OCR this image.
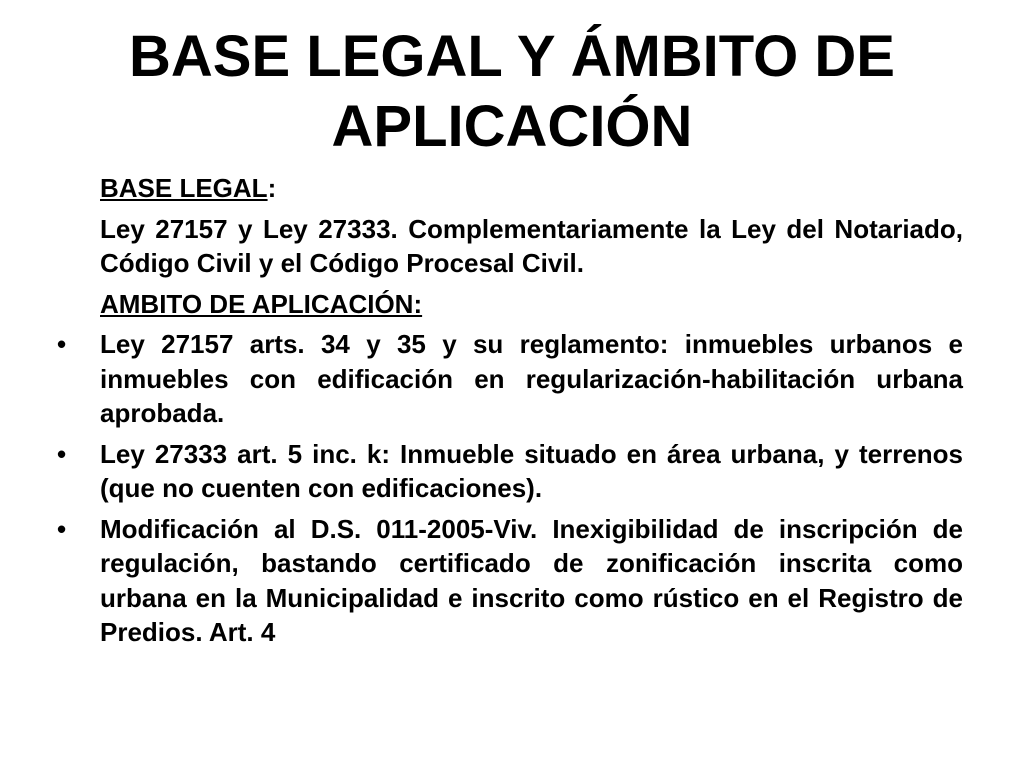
BASE LEGAL Y ÁMBITO DE APLICACIÓN

BASE LEGAL:

Ley 27157 y Ley 27333. Complementariamente la Ley del Notariado, Código Civil y el Código Procesal Civil.

AMBITO DE APLICACIÓN:

•	Ley 27157 arts. 34 y 35 y su reglamento: inmuebles urbanos e inmuebles con edificación en regularización-habilitación urbana aprobada.
•	Ley 27333 art. 5 inc. k: Inmueble situado en área urbana, y terrenos (que no cuenten con edificaciones).
•	Modificación al D.S. 011-2005-Viv. Inexigibilidad de inscripción de regulación, bastando certificado de zonificación inscrita como urbana en la Municipalidad e inscrito como rústico en el Registro de Predios. Art. 4
